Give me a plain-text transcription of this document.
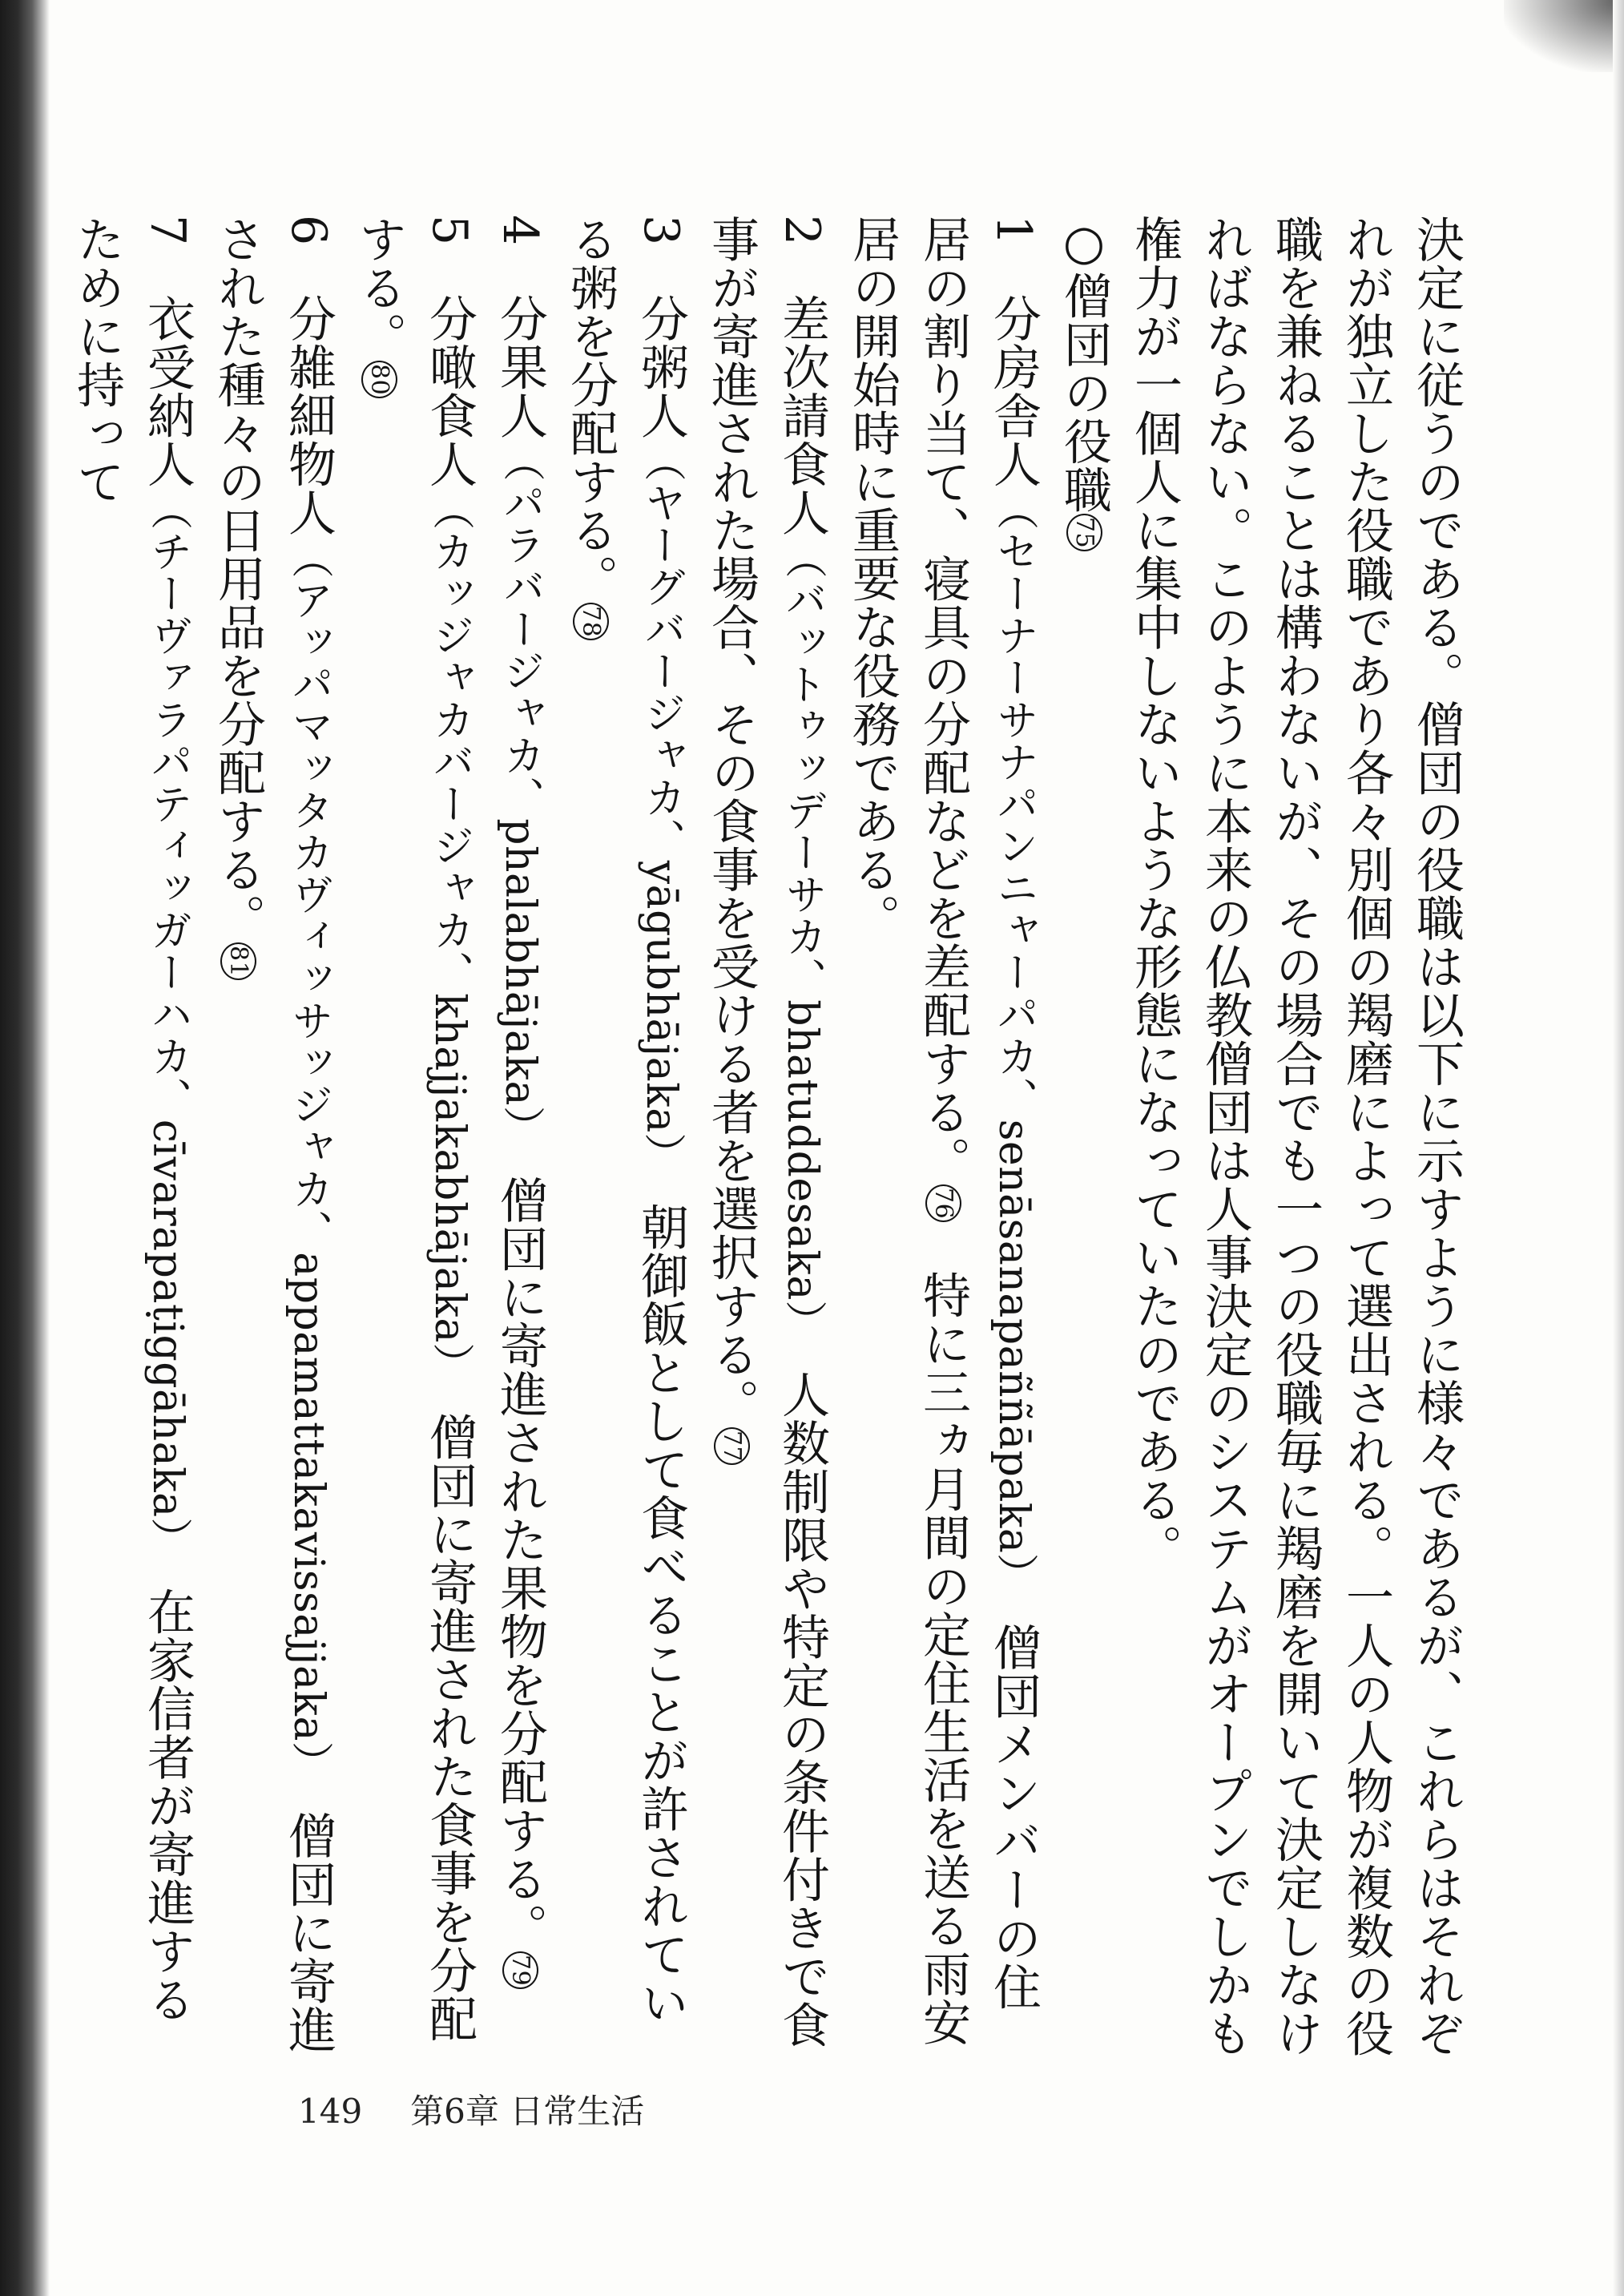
決定に従うのである。僧団の役職は以下に示すように様々であるが、これらはそれぞれが独立した役職であり各々別個の羯磨によって選出される。一人の人物が複数の役職を兼ねることは構わないが、その場合でも一つの役職毎に羯磨を開いて決定しなければならない。このように本来の仏教僧団は人事決定のシステムがオープンでしかも権力が一個人に集中しないような形態になっていたのである。

○僧団の役職75

1　分房舎人（セーナーサナパンニャーパカ、senāsanapaññāpaka）　僧団メンバーの住居の割り当て、寝具の分配などを差配する。76　特に三ヵ月間の定住生活を送る雨安居の開始時に重要な役務である。

2　差次請食人（バットゥッデーサカ、bhatuddesaka）　人数制限や特定の条件付きで食事が寄進された場合、その食事を受ける者を選択する。77

3　分粥人（ヤーグバージャカ、yāgubhājaka）　朝御飯として食べることが許されている粥を分配する。78

4　分果人（パラバージャカ、phalabhājaka）　僧団に寄進された果物を分配する。79

5　分噉食人（カッジャカバージャカ、khajjakabhājaka）　僧団に寄進された食事を分配する。80

6　分雑細物人（アッパマッタカヴィッサッジャカ、appamattakavissajjaka）　僧団に寄進された種々の日用品を分配する。81

7　衣受納人（チーヴァラパティッガーハカ、cīvarapaṭiggāhaka）　在家信者が寄進するために持って

149 第6章 日常生活
